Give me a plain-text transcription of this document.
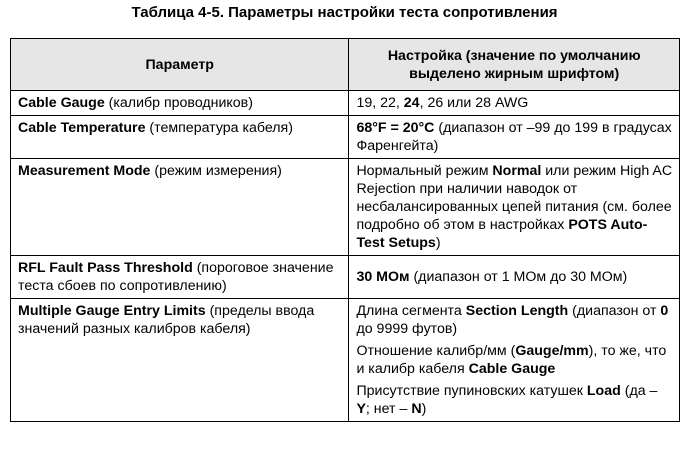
Таблица 4-5. Параметры настройки теста сопротивления
Параметр	Настройка (значение по умолчанию выделено жирным шрифтом)
Cable Gauge (калибр проводников)	19, 22, 24, 26 или 28 AWG
Cable Temperature (температура кабеля)	68°F = 20°C (диапазон от –99 до 199 в градусах Фаренгейта)
Measurement Mode (режим измерения)	Нормальный режим Normal или режим High AC Rejection при наличии наводок от несбалансированных цепей питания (см. более подробно об этом в настройках POTS Auto-Test Setups)
RFL Fault Pass Threshold (пороговое значение теста сбоев по сопротивлению)	30 МОм (диапазон от 1 МОм до 30 МОм)
Multiple Gauge Entry Limits (пределы ввода значений разных калибров кабеля)	Длина сегмента Section Length (диапазон от 0 до 9999 футов)
Отношение калибр/мм (Gauge/mm), то же, что и калибр кабеля Cable Gauge
Присутствие пупиновских катушек Load (да – Y; нет – N)
